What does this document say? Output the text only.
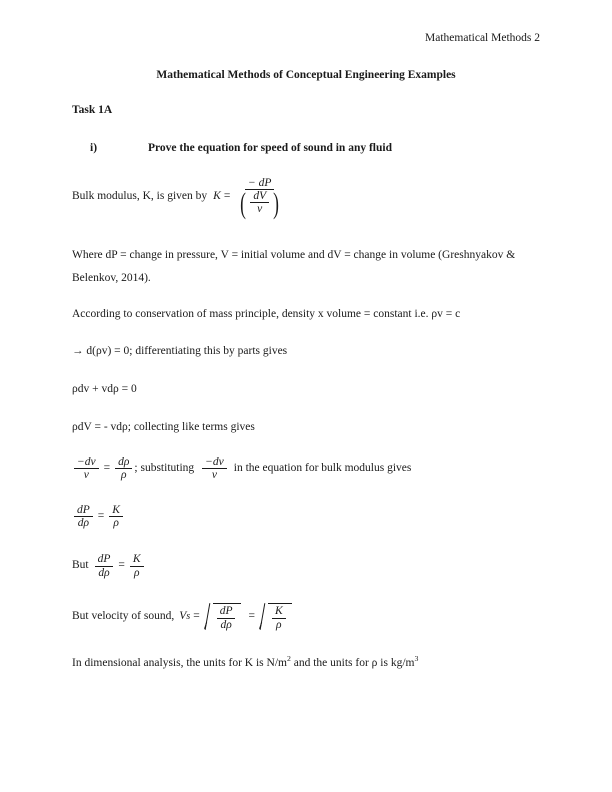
Mathematical Methods 2
Mathematical Methods of Conceptual Engineering Examples
Task 1A
i)	Prove the equation for speed of sound in any fluid
Bulk modulus, K, is given by K =
− dP
( $\frac{dV}{v}$ )
Where dP = change in pressure, V = initial volume and dV = change in volume (Greshnyakov & Belenkov, 2014).
According to conservation of mass principle, density x volume = constant i.e. ρv = c
→ d(ρv) = 0; differentiating this by parts gives
ρdv + vdρ = 0
ρdV = - vdρ; collecting like terms gives
$\frac{-dv}{v} = \frac{d\rho}{\rho}$ ; substituting $\frac{-dv}{v}$ in the equation for bulk modulus gives
$\frac{dP}{d\rho} = \frac{K}{\rho}$
But $\frac{dP}{d\rho} = \frac{K}{\rho}$
But velocity of sound, $Vs = \frac{dP}{d\rho} = \frac{K}{\rho}$
In dimensional analysis, the units for K is $N/m^2$ and the units for ρ is $kg/m^3$
